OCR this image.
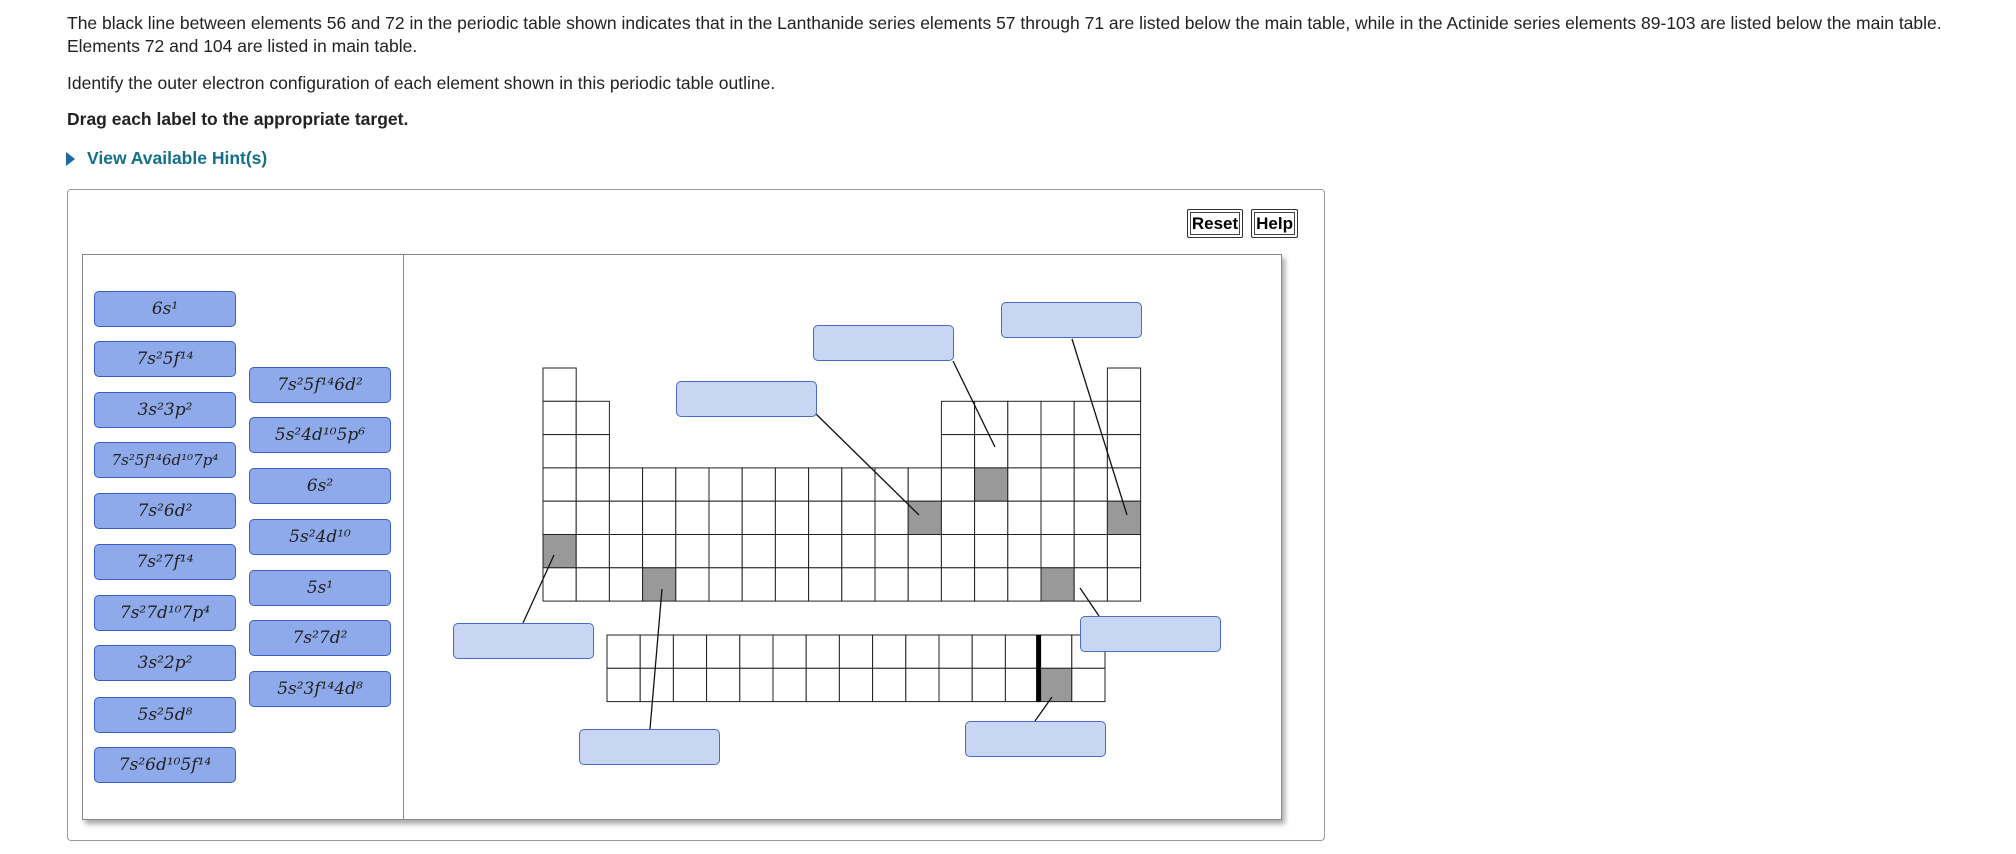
The black line between elements 56 and 72 in the periodic table shown indicates that in the Lanthanide series elements 57 through 71 are listed below the main table, while in the Actinide series elements 89-103 are listed below the main table. Elements 72 and 104 are listed in main table.

Identify the outer electron configuration of each element shown in this periodic table outline.

Drag each label to the appropriate target.

View Available Hint(s)
Reset Help
6s¹
7s²5f¹⁴
3s²3p²
7s²5f¹⁴6d¹⁰7p⁴
7s²6d²
7s²7f¹⁴
7s²7d¹⁰7p⁴
3s²2p²
5s²5d⁸
7s²6d¹⁰5f¹⁴
7s²5f¹⁴6d²
5s²4d¹⁰5p⁶
6s²
5s²4d¹⁰
5s¹
7s²7d²
5s²3f¹⁴4d⁸
